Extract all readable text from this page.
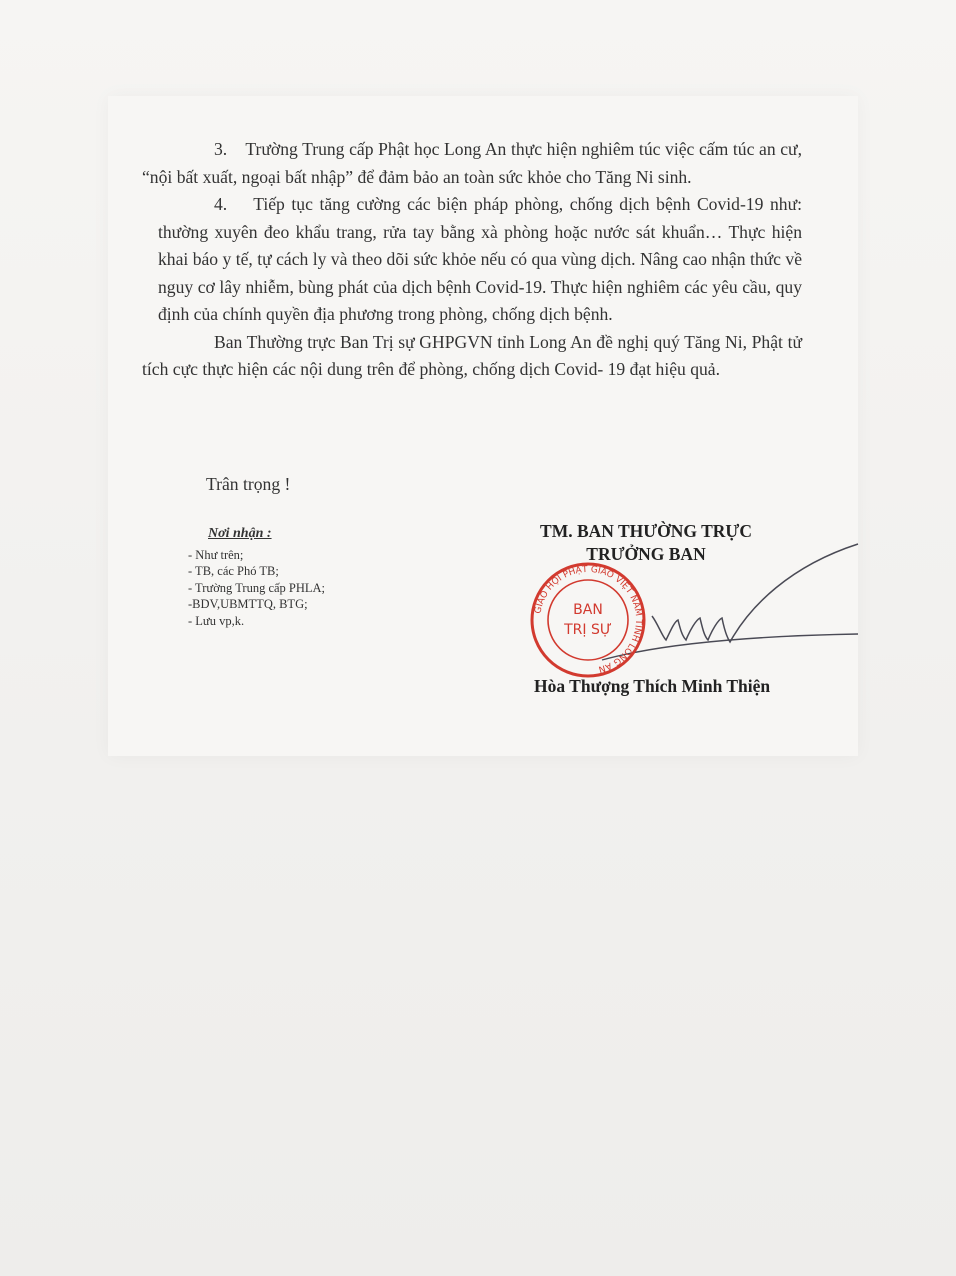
3. Trường Trung cấp Phật học Long An thực hiện nghiêm túc việc cấm túc an cư, “nội bất xuất, ngoại bất nhập” để đảm bảo an toàn sức khỏe cho Tăng Ni sinh.

4. Tiếp tục tăng cường các biện pháp phòng, chống dịch bệnh Covid-19 như: thường xuyên đeo khẩu trang, rửa tay bằng xà phòng hoặc nước sát khuẩn… Thực hiện khai báo y tế, tự cách ly và theo dõi sức khỏe nếu có qua vùng dịch. Nâng cao nhận thức về nguy cơ lây nhiễm, bùng phát của dịch bệnh Covid-19. Thực hiện nghiêm các yêu cầu, quy định của chính quyền địa phương trong phòng, chống dịch bệnh.

Ban Thường trực Ban Trị sự GHPGVN tỉnh Long An đề nghị quý Tăng Ni, Phật tử tích cực thực hiện các nội dung trên để phòng, chống dịch Covid- 19 đạt hiệu quả.

Trân trọng !
Nơi nhận :
- Như trên;
- TB, các Phó TB;
- Trường Trung cấp PHLA;
-BDV,UBMTTQ, BTG;
- Lưu vp,k.
TM. BAN THƯỜNG TRỰC
TRƯỞNG BAN
GIÁO HỘI PHẬT GIÁO VIỆT NAM TỈNH LONG AN
BAN
TRỊ SỰ
Hòa Thượng Thích Minh Thiện
